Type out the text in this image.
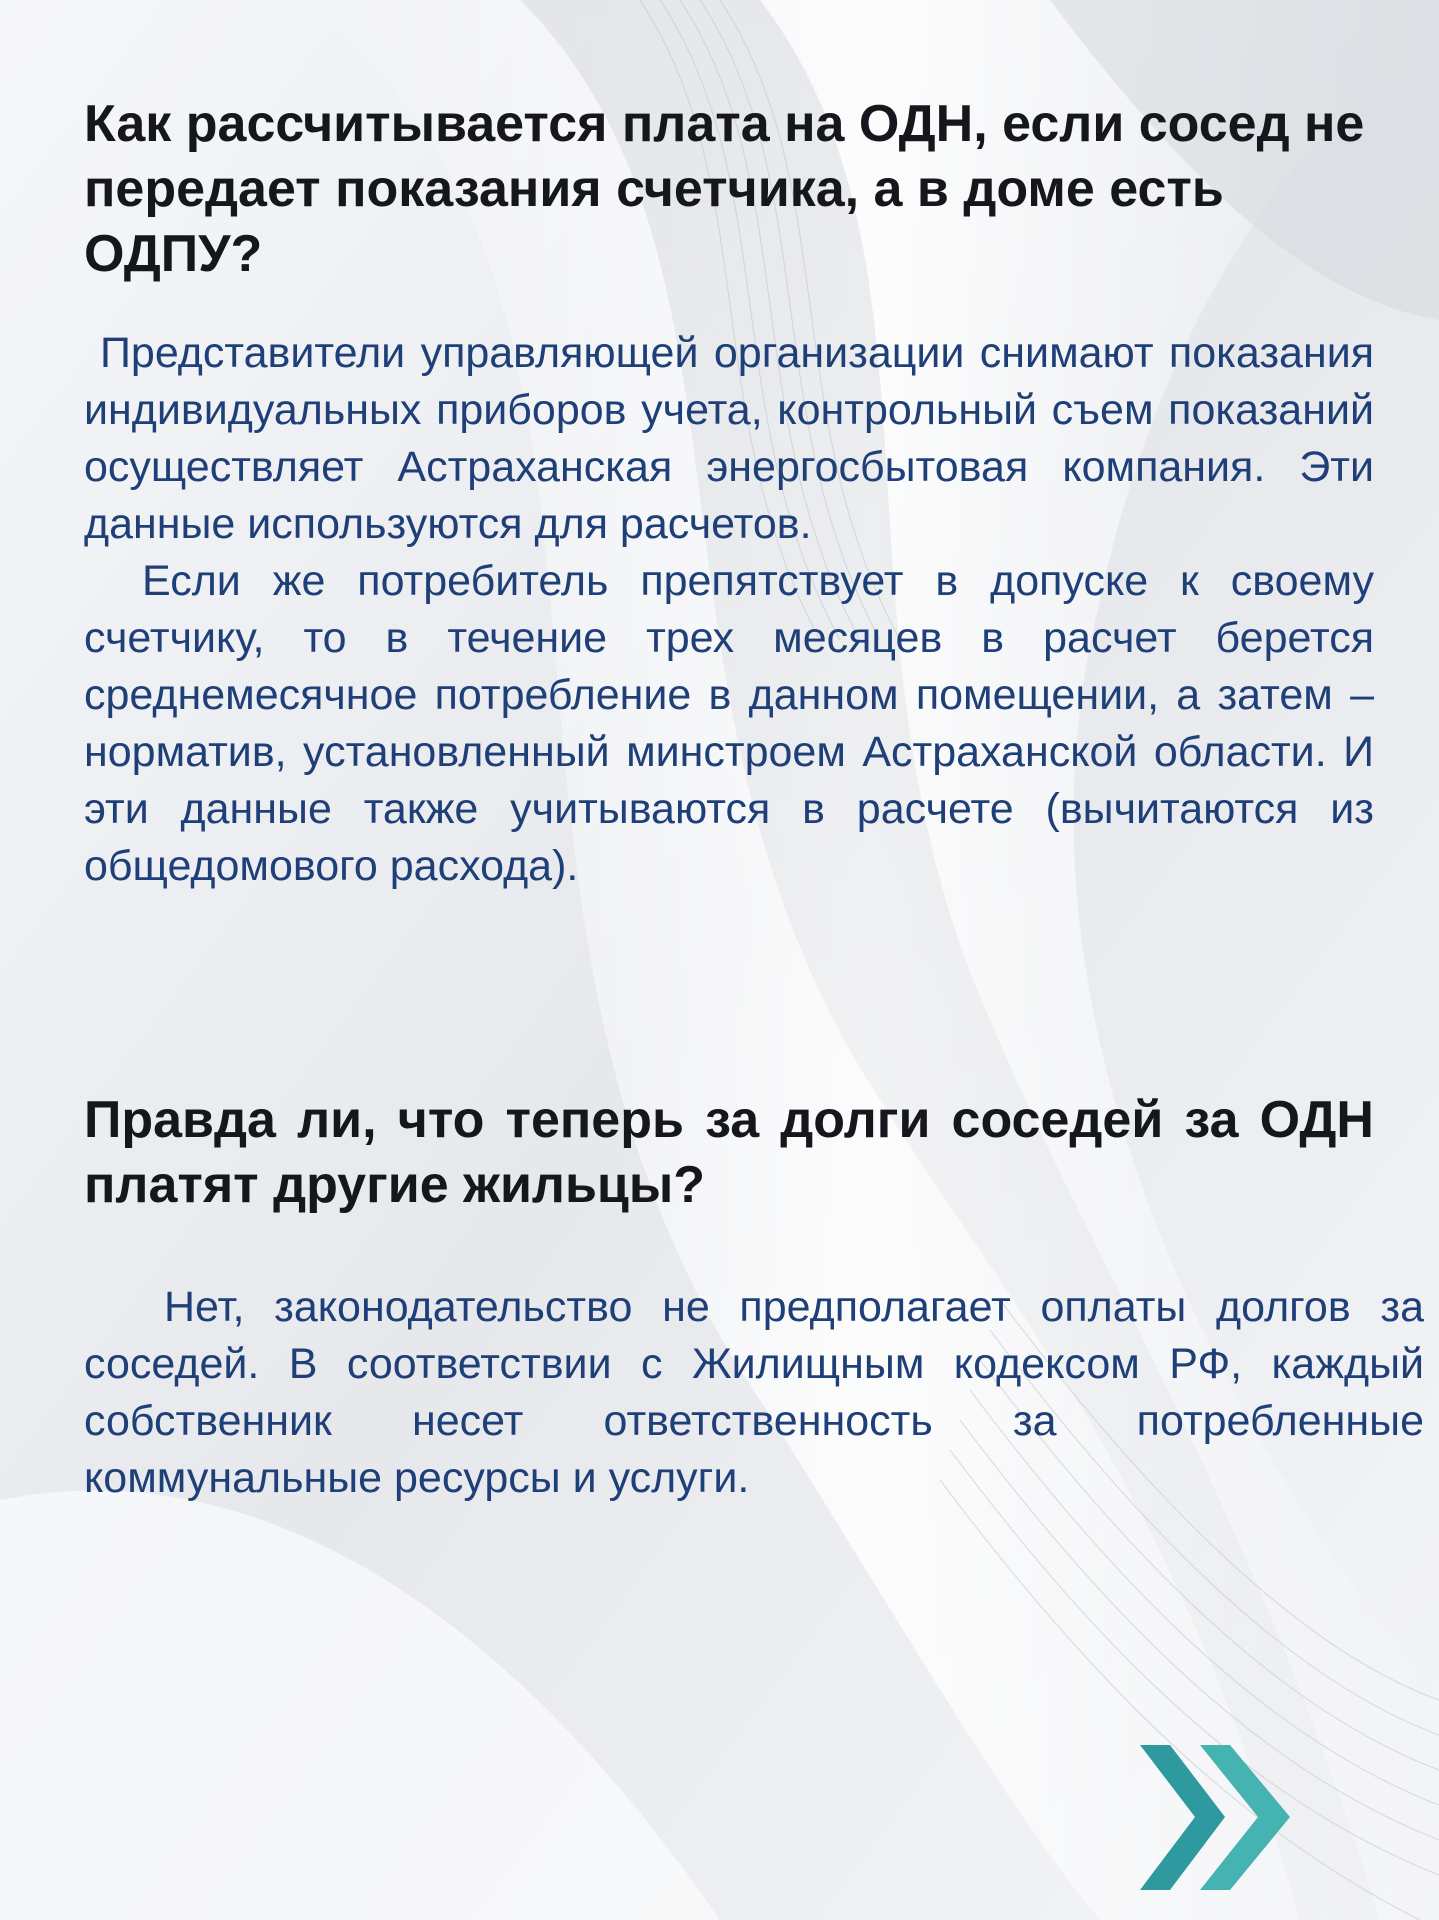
Как рассчитывается плата на ОДН, если сосед не передает показания счетчика, а в доме есть ОДПУ?

Представители управляющей организации снимают показания индивидуальных приборов учета, контрольный съем показаний осуществляет Астраханская энергосбытовая компания. Эти данные используются для расчетов.

Если же потребитель препятствует в допуске к своему счетчику, то в течение трех месяцев в расчет берется среднемесячное потребление в данном помещении, а затем – норматив, установленный минстроем Астраханской области. И эти данные также учитываются в расчете (вычитаются из общедомового расхода).

Правда ли, что теперь за долги соседей за ОДН платят другие жильцы?

Нет, законодательство не предполагает оплаты долгов за соседей. В соответствии с Жилищным кодексом РФ, каждый собственник несет ответственность за потребленные коммунальные ресурсы и услуги.
